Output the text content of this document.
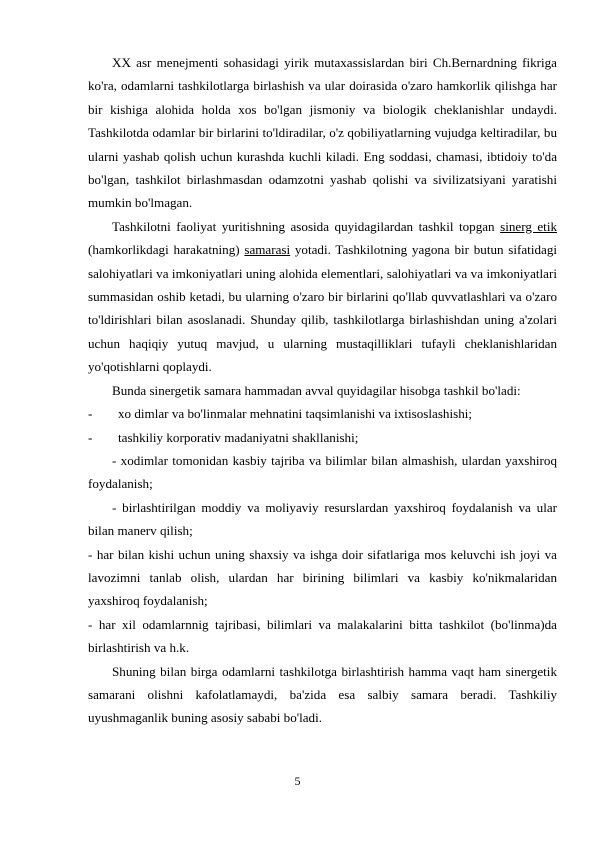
XX asr menejmenti sohasidagi yirik mutaxassislardan biri Ch.Bernardning fikriga ko'ra, odamlarni tashkilotlarga birlashish va ular doirasida o'zaro hamkorlik qilishga har bir kishiga alohida holda xos bo'lgan jismoniy va biologik cheklanishlar undaydi. Tashkilotda odamlar bir birlarini to'ldiradilar, o'z qobiliyatlarning vujudga keltiradilar, bu ularni yashab qolish uchun kurashda kuchli kiladi. Eng soddasi, chamasi, ibtidoiy to'da bo'lgan, tashkilot birlashmasdan odamzotni yashab qolishi va sivilizatsiyani yaratishi mumkin bo'lmagan.

Tashkilotni faoliyat yuritishning asosida quyidagilardan tashkil topgan sinerg etik (hamkorlikdagi harakatning) samarasi yotadi. Tashkilotning yagona bir butun sifatidagi salohiyatlari va imkoniyatlari uning alohida elementlari, salohiyatlari va va imkoniyatlari summasidan oshib ketadi, bu ularning o'zaro bir birlarini qo'llab quvvatlashlari va o'zaro to'ldirishlari bilan asoslanadi. Shunday qilib, tashkilotlarga birlashishdan uning a'zolari uchun haqiqiy yutuq mavjud, u ularning mustaqilliklari tufayli cheklanishlaridan yo'qotishlarni qoplaydi.

Bunda sinergetik samara hammadan avval quyidagilar hisobga tashkil bo'ladi:

-	xo dimlar va bo'linmalar mehnatini taqsimlanishi va ixtisoslashishi;
-	tashkiliy korporativ madaniyatni shakllanishi;

- xodimlar tomonidan kasbiy tajriba va bilimlar bilan almashish, ulardan yaxshiroq foydalanish;

- birlashtirilgan moddiy va moliyaviy resurslardan yaxshiroq foydalanish va ular bilan manerv qilish;

- har bilan kishi uchun uning shaxsiy va ishga doir sifatlariga mos keluvchi ish joyi va lavozimni tanlab olish, ulardan har birining bilimlari va kasbiy ko'nikmalaridan yaxshiroq foydalanish;

- har xil odamlarnnig tajribasi, bilimlari va malakalarini bitta tashkilot (bo'linma)da birlashtirish va h.k.

Shuning bilan birga odamlarni tashkilotga birlashtirish hamma vaqt ham sinergetik samarani olishni kafolatlamaydi, ba'zida esa salbiy samara beradi. Tashkiliy uyushmaganlik buning asosiy sababi bo'ladi.

5
